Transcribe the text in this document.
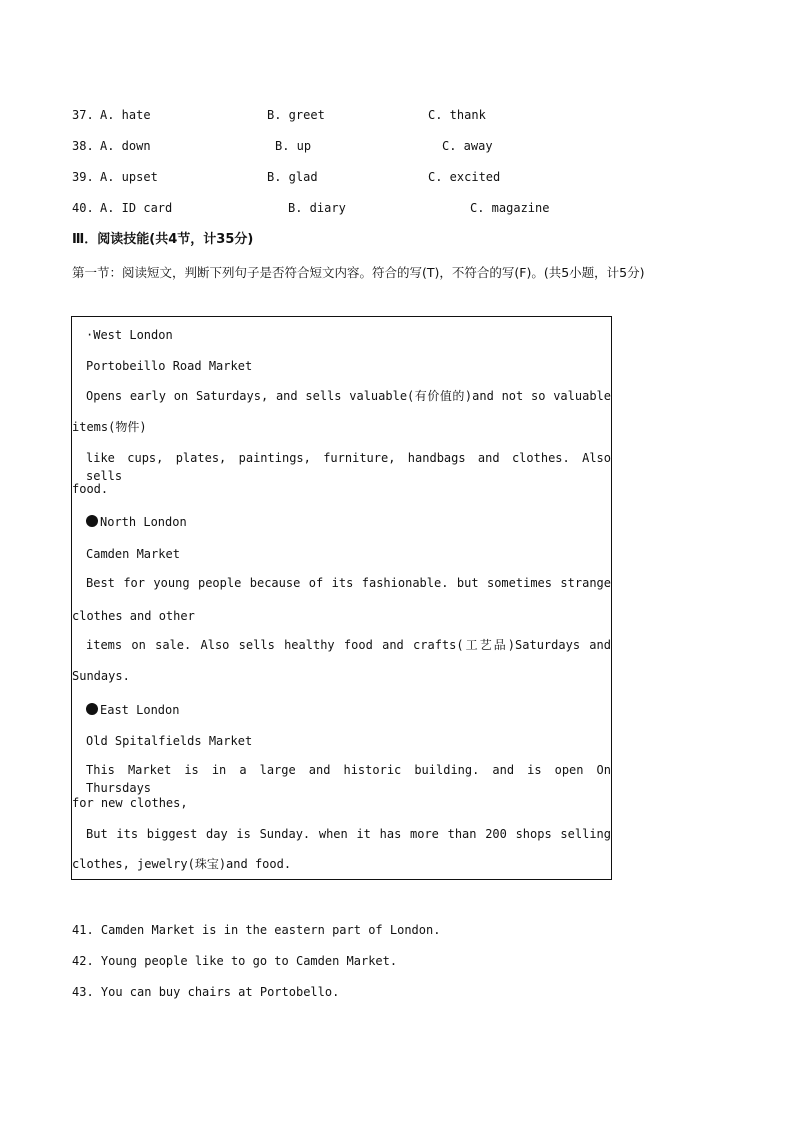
37. A. hate	B. greet	C. thank
38. A. down	B. up	C. away
39. A. upset	B. glad	C. excited
40. A. ID card	B. diary	C. magazine
Ⅲ．阅读技能(共4节，计35分)
第一节：阅读短文，判断下列句子是否符合短文内容。符合的写(T)，不符合的写(F)。(共5小题，计5分)
·West London
Portobeillo Road Market
Opens early on Saturdays, and sells valuable(有价值的)and not so valuable
items(物件)
like cups, plates, paintings, furniture, handbags and clothes. Also sells
food.
North London
Camden Market
Best for young people because of its fashionable. but sometimes strange
clothes and other
items on sale. Also sells healthy food and crafts(工艺品)Saturdays and
Sundays.
East London
Old Spitalfields Market
This Market is in a large and historic building. and is open On Thursdays
for new clothes,
But its biggest day is Sunday. when it has more than 200 shops selling
clothes, jewelry(珠宝)and food.
41. Camden Market is in the eastern part of London.
42. Young people like to go to Camden Market.
43. You can buy chairs at Portobello.
